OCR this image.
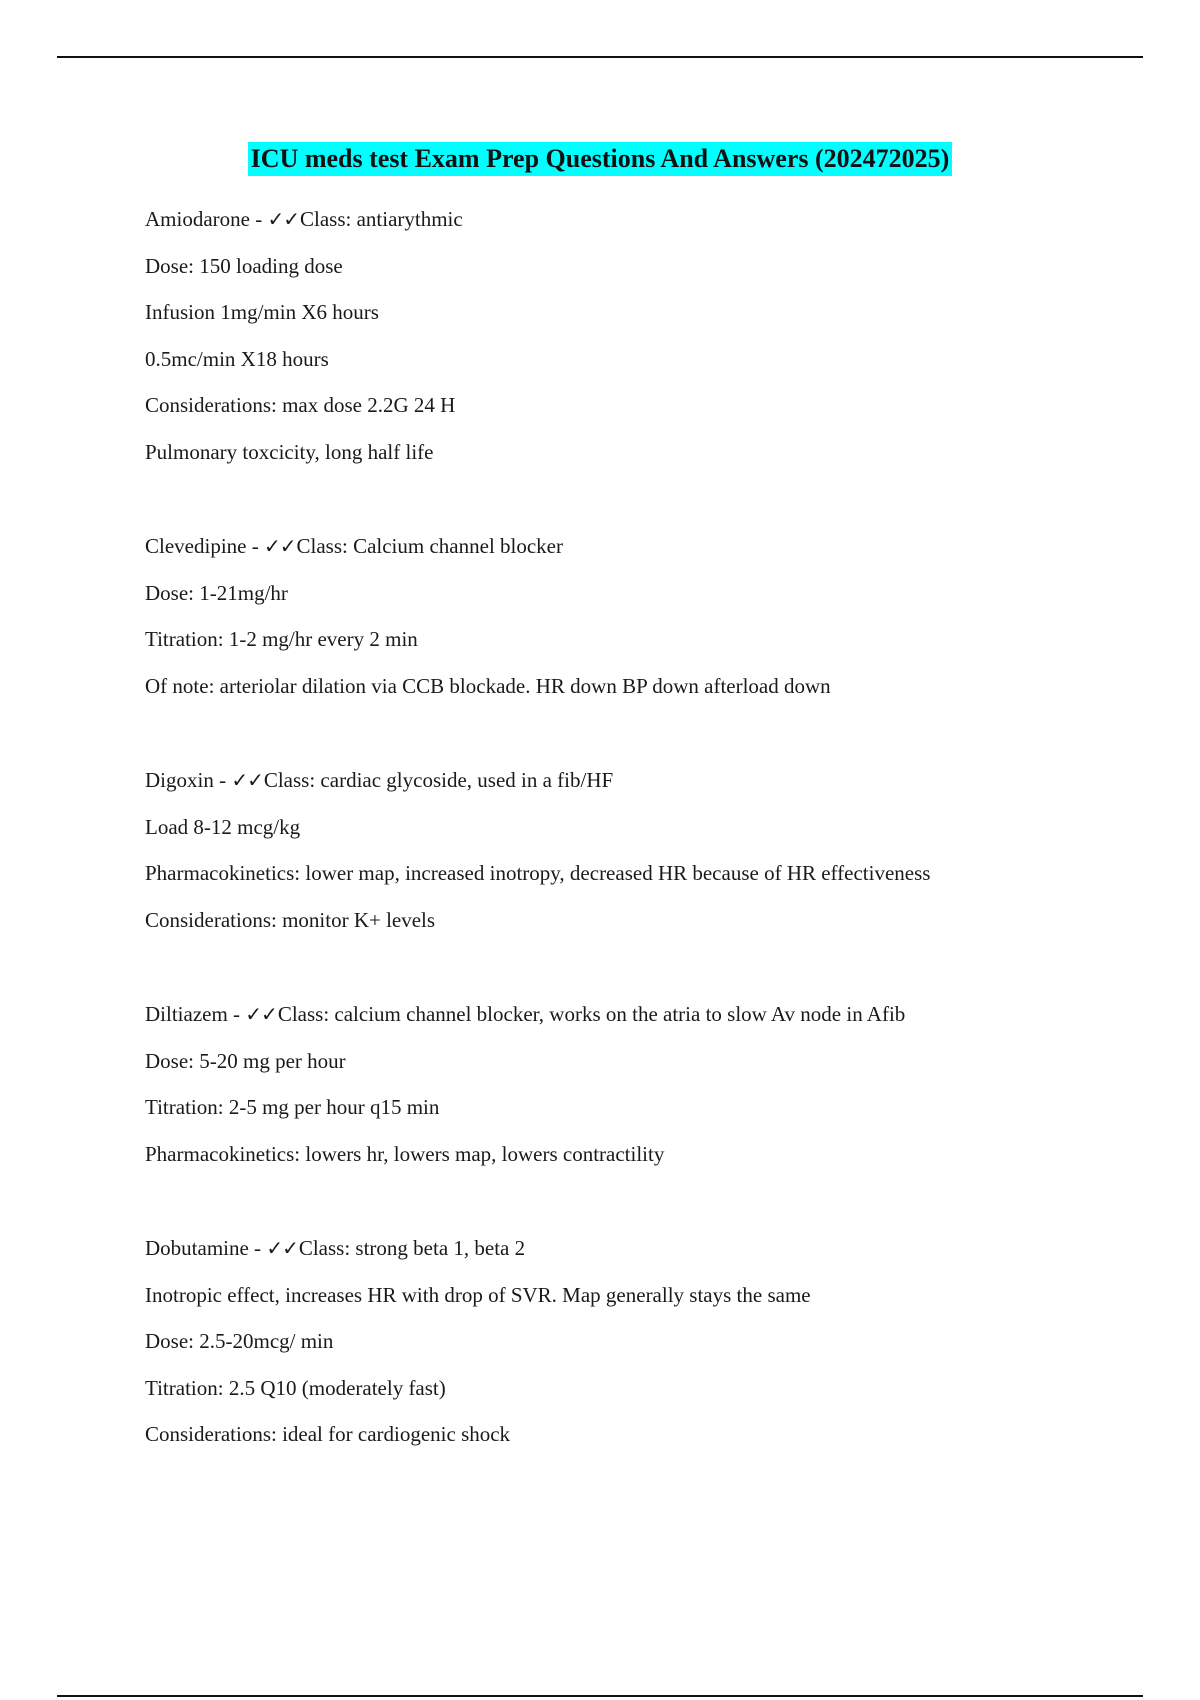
ICU meds test Exam Prep Questions And Answers (202472025)
Amiodarone - ✓✓Class: antiarythmic
Dose: 150 loading dose
Infusion 1mg/min X6 hours
0.5mc/min X18 hours
Considerations: max dose 2.2G 24 H
Pulmonary toxcicity, long half life
Clevedipine - ✓✓Class: Calcium channel blocker
Dose: 1-21mg/hr
Titration: 1-2 mg/hr every 2 min
Of note: arteriolar dilation via CCB blockade. HR down BP down afterload down
Digoxin - ✓✓Class: cardiac glycoside, used in a fib/HF
Load 8-12 mcg/kg
Pharmacokinetics: lower map, increased inotropy, decreased HR because of HR effectiveness
Considerations: monitor K+ levels
Diltiazem - ✓✓Class: calcium channel blocker, works on the atria to slow Av node in Afib
Dose: 5-20 mg per hour
Titration: 2-5 mg per hour q15 min
Pharmacokinetics: lowers hr, lowers map, lowers contractility
Dobutamine - ✓✓Class: strong beta 1, beta 2
Inotropic effect, increases HR with drop of SVR. Map generally stays the same
Dose: 2.5-20mcg/ min
Titration: 2.5 Q10 (moderately fast)
Considerations: ideal for cardiogenic shock
